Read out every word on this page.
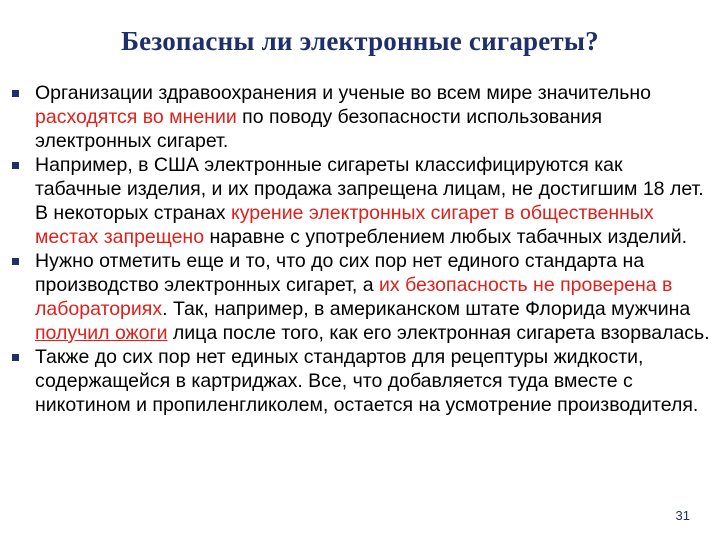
Безопасны ли электронные сигареты?
Организации здравоохранения и ученые во всем мире значительно расходятся во мнении по поводу безопасности использования электронных сигарет.
Например, в США электронные сигареты классифицируются как табачные изделия, и их продажа запрещена лицам, не достигшим 18 лет. В некоторых странах курение электронных сигарет в общественных местах запрещено наравне с употреблением любых табачных изделий.
Нужно отметить еще и то, что до сих пор нет единого стандарта на производство электронных сигарет, а их безопасность не проверена в лабораториях. Так, например, в американском штате Флорида мужчина получил ожоги лица после того, как его электронная сигарета взорвалась.
Также до сих пор нет единых стандартов для рецептуры жидкости, содержащейся в картриджах. Все, что добавляется туда вместе с никотином и пропиленгликолем, остается на усмотрение производителя.
31
